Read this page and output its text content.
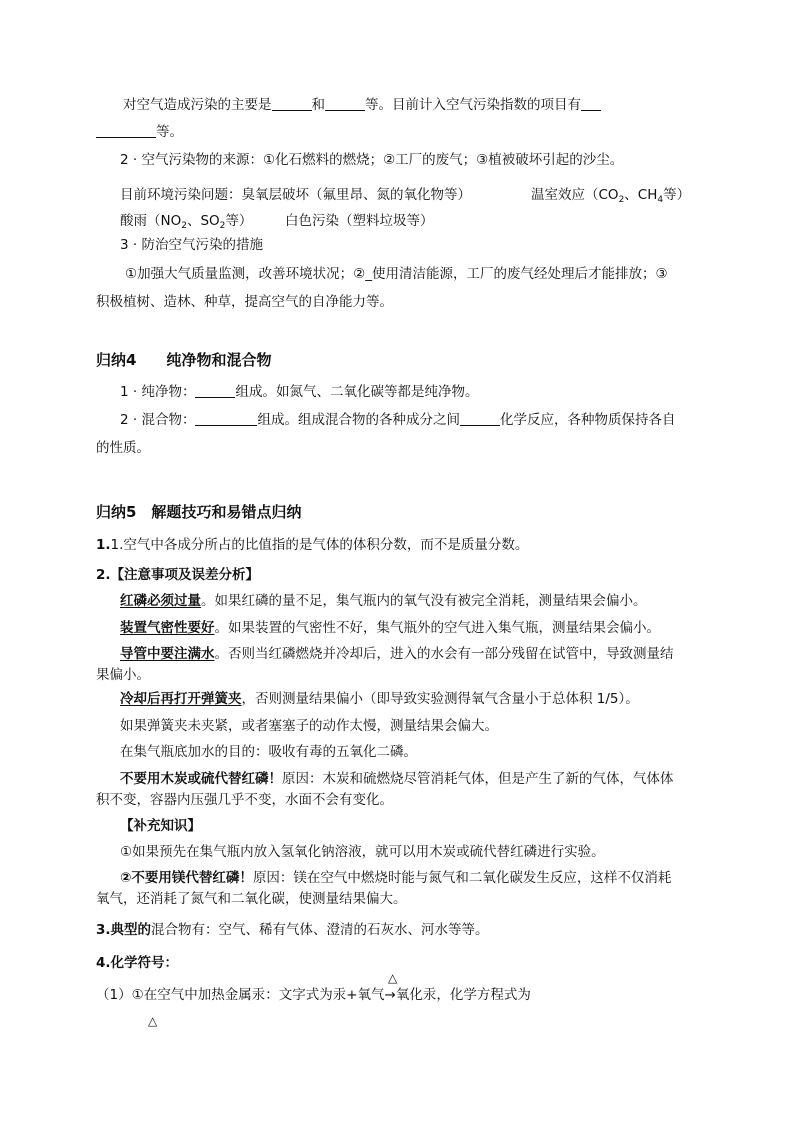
对空气造成污染的主要是	和	等。目前计入空气污染指数的项目有
等。
2 · 空气污染物的来源：①化石燃料的燃烧；②工厂的废气；③植被破坏引起的沙尘。
目前环境污染问题：臭氧层破坏（氟里昂、氮的氧化物等）	温室效应（$CO_2$、$CH_4$等）
酸雨（$NO_2$、$SO_2$等） 白色污染（塑料垃圾等）
3 · 防治空气污染的措施
①加强大气质量监测，改善环境状况；②_使用清洁能源，工厂的废气经处理后才能排放；③
积极植树、造林、种草，提高空气的自净能力等。
归纳4　　纯净物和混合物
1 · 纯净物：	组成。如氮气、二氧化碳等都是纯净物。
2 · 混合物：	组成。组成混合物的各种成分之间	化学反应，各种物质保持各自
的性质。
归纳5　解题技巧和易错点归纳
1.1.空气中各成分所占的比值指的是气体的体积分数，而不是质量分数。
2.【注意事项及误差分析】
红磷必须过量。如果红磷的量不足，集气瓶内的氧气没有被完全消耗，测量结果会偏小。
装置气密性要好。如果装置的气密性不好，集气瓶外的空气进入集气瓶，测量结果会偏小。
导管中要注满水。否则当红磷燃烧并冷却后，进入的水会有一部分残留在试管中，导致测量结
果偏小。
冷却后再打开弹簧夹，否则测量结果偏小（即导致实验测得氧气含量小于总体积 1/5）。
如果弹簧夹未夹紧，或者塞塞子的动作太慢，测量结果会偏大。
在集气瓶底加水的目的：吸收有毒的五氧化二磷。
不要用木炭或硫代替红磷！原因：木炭和硫燃烧尽管消耗气体，但是产生了新的气体，气体体
积不变，容器内压强几乎不变，水面不会有变化。
【补充知识】
①如果预先在集气瓶内放入氢氧化钠溶液，就可以用木炭或硫代替红磷进行实验。
②不要用镁代替红磷！原因：镁在空气中燃烧时能与氮气和二氧化碳发生反应，这样不仅消耗
氧气，还消耗了氮气和二氧化碳，使测量结果偏大。
3.典型的混合物有：空气、稀有气体、澄清的石灰水、河水等等。
4.化学符号：
△
（1）①在空气中加热金属汞：文字式为汞+氧气→氧化汞，化学方程式为
△
